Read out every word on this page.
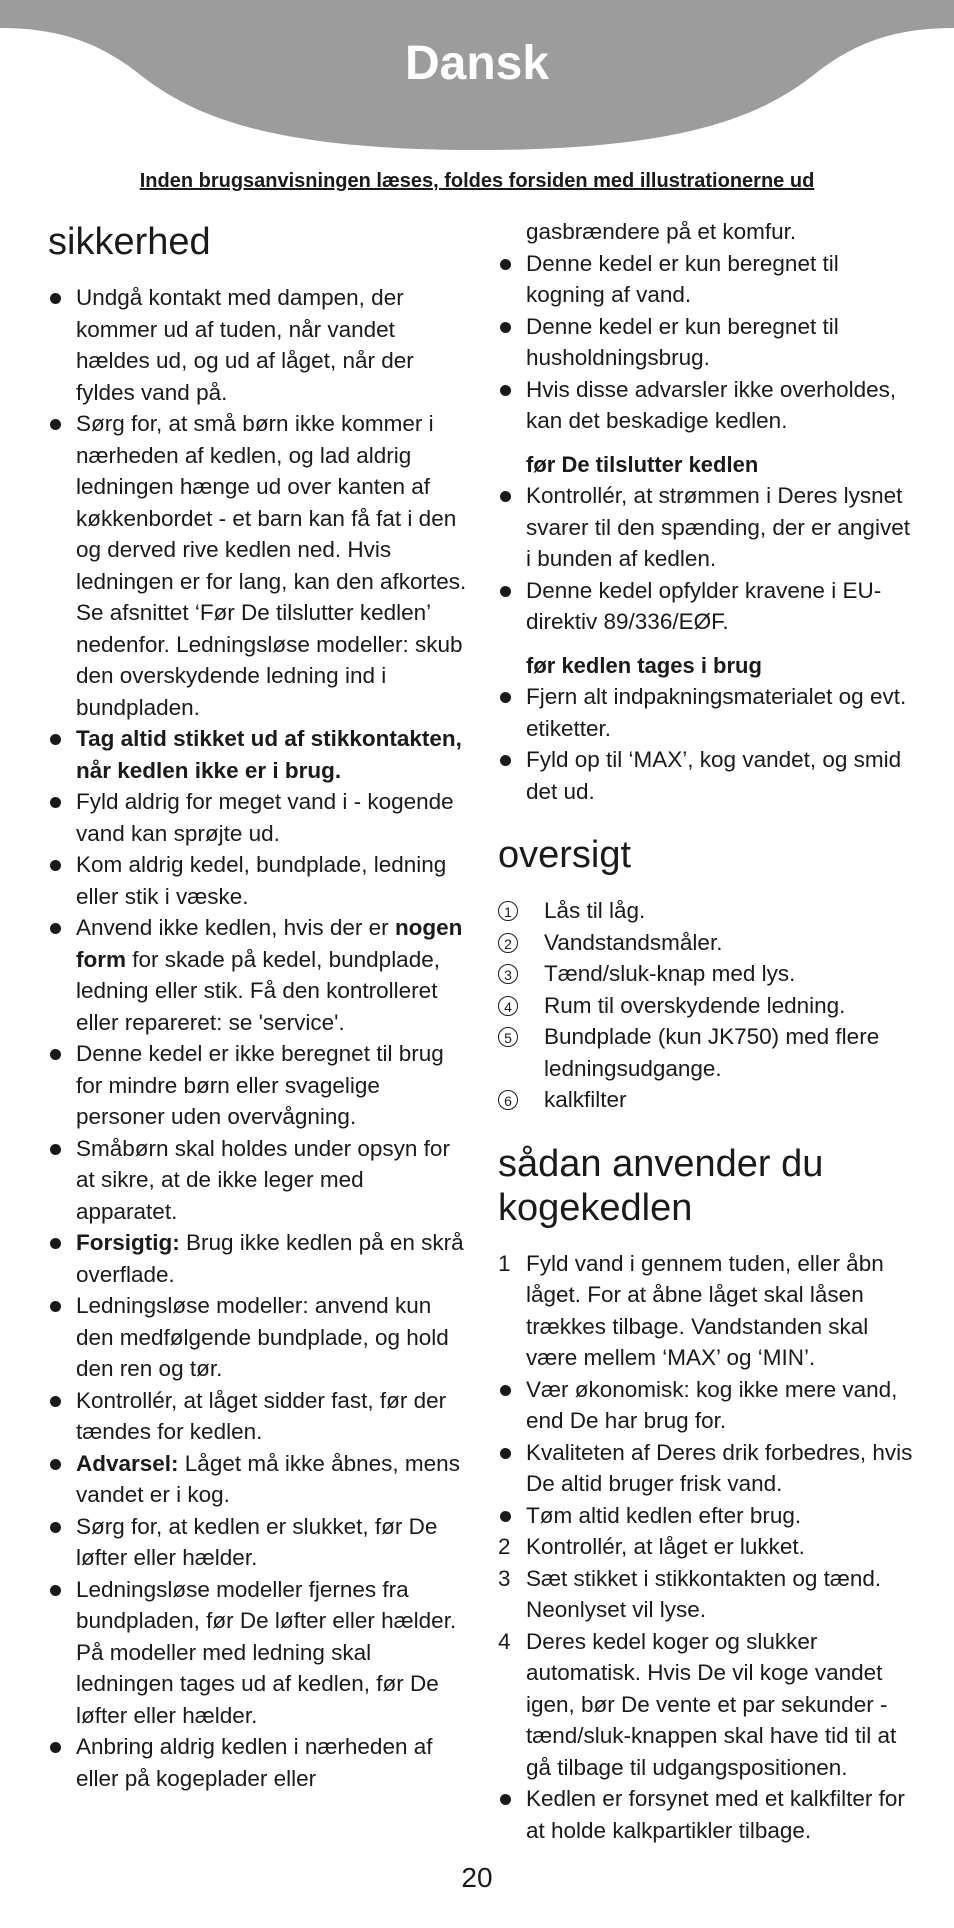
Dansk
Inden brugsanvisningen læses, foldes forsiden med illustrationerne ud
sikkerhed
Undgå kontakt med dampen, der kommer ud af tuden, når vandet hældes ud, og ud af låget, når der fyldes vand på.
Sørg for, at små børn ikke kommer i nærheden af kedlen, og lad aldrig ledningen hænge ud over kanten af køkkenbordet - et barn kan få fat i den og derved rive kedlen ned. Hvis ledningen er for lang, kan den afkortes. Se afsnittet ‘Før De tilslutter kedlen’ nedenfor. Ledningsløse modeller: skub den overskydende ledning ind i bundpladen.
Tag altid stikket ud af stikkontakten, når kedlen ikke er i brug.
Fyld aldrig for meget vand i - kogende vand kan sprøjte ud.
Kom aldrig kedel, bundplade, ledning eller stik i væske.
Anvend ikke kedlen, hvis der er nogen form for skade på kedel, bundplade, ledning eller stik. Få den kontrolleret eller repareret: se 'service'.
Denne kedel er ikke beregnet til brug for mindre børn eller svagelige personer uden overvågning.
Småbørn skal holdes under opsyn for at sikre, at de ikke leger med apparatet.
Forsigtig: Brug ikke kedlen på en skrå overflade.
Ledningsløse modeller: anvend kun den medfølgende bundplade, og hold den ren og tør.
Kontrollér, at låget sidder fast, før der tændes for kedlen.
Advarsel: Låget må ikke åbnes, mens vandet er i kog.
Sørg for, at kedlen er slukket, før De løfter eller hælder.
Ledningsløse modeller fjernes fra bundpladen, før De løfter eller hælder. På modeller med ledning skal ledningen tages ud af kedlen, før De løfter eller hælder.
Anbring aldrig kedlen i nærheden af eller på kogeplader eller
gasbrændere på et komfur.
Denne kedel er kun beregnet til kogning af vand.
Denne kedel er kun beregnet til husholdningsbrug.
Hvis disse advarsler ikke overholdes, kan det beskadige kedlen.
før De tilslutter kedlen
Kontrollér, at strømmen i Deres lysnet svarer til den spænding, der er angivet i bunden af kedlen.
Denne kedel opfylder kravene i EU-direktiv 89/336/EØF.
før kedlen tages i brug
Fjern alt indpakningsmaterialet og evt. etiketter.
Fyld op til ‘MAX’, kog vandet, og smid det ud.
oversigt
1 Lås til låg.
2 Vandstandsmåler.
3 Tænd/sluk-knap med lys.
4 Rum til overskydende ledning.
5 Bundplade (kun JK750) med flere ledningsudgange.
6 kalkfilter
sådan anvender du kogekedlen
1 Fyld vand i gennem tuden, eller åbn låget. For at åbne låget skal låsen trækkes tilbage. Vandstanden skal være mellem ‘MAX’ og ‘MIN’.
Vær økonomisk: kog ikke mere vand, end De har brug for.
Kvaliteten af Deres drik forbedres, hvis De altid bruger frisk vand.
Tøm altid kedlen efter brug.
2 Kontrollér, at låget er lukket.
3 Sæt stikket i stikkontakten og tænd. Neonlyset vil lyse.
4 Deres kedel koger og slukker automatisk. Hvis De vil koge vandet igen, bør De vente et par sekunder - tænd/sluk-knappen skal have tid til at gå tilbage til udgangspositionen.
Kedlen er forsynet med et kalkfilter for at holde kalkpartikler tilbage.
20
